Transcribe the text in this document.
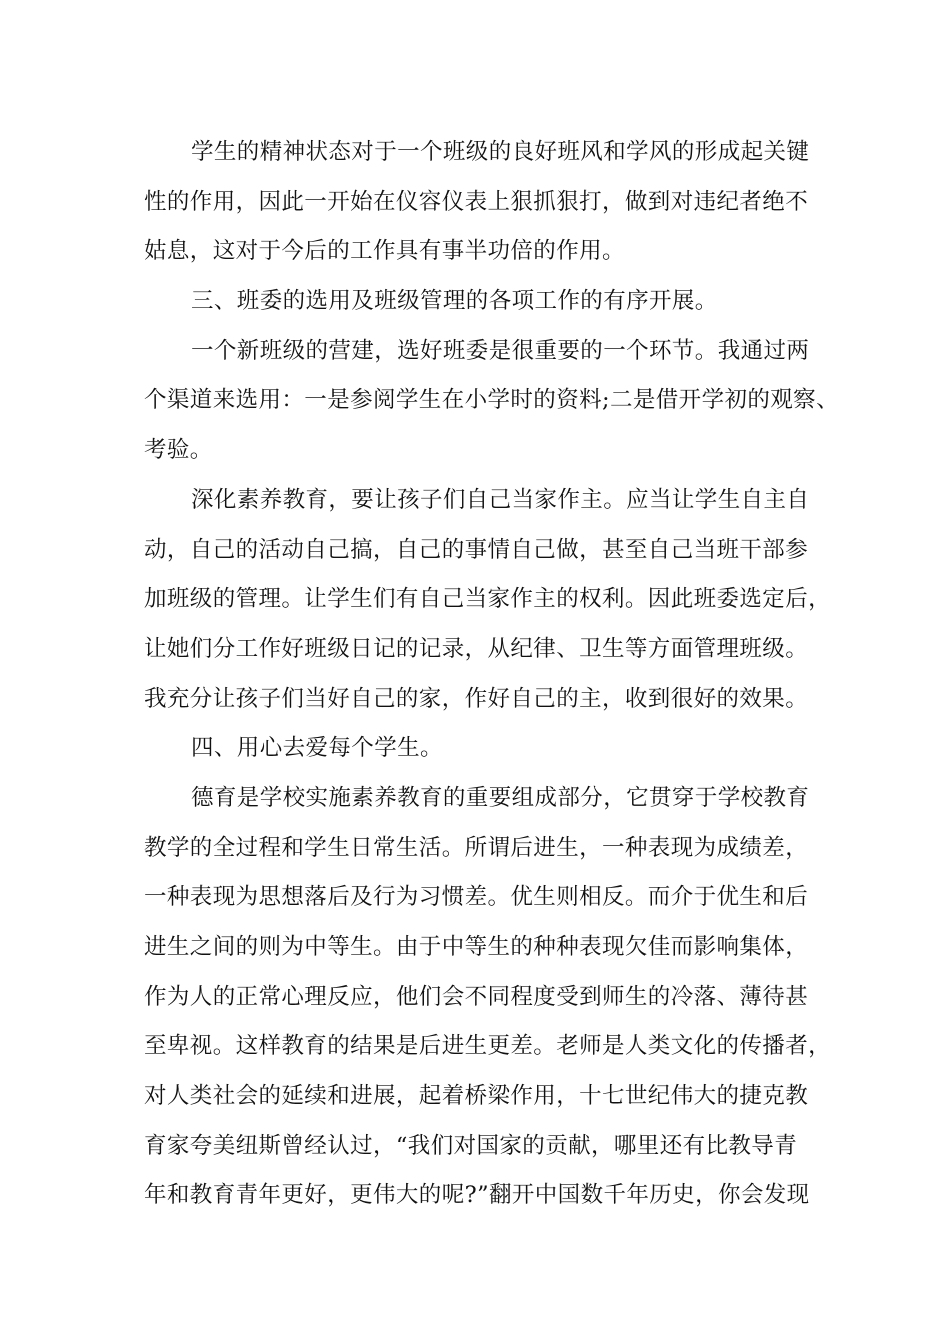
学生的精神状态对于一个班级的良好班风和学风的形成起关键
性的作用，因此一开始在仪容仪表上狠抓狠打，做到对违纪者绝不
姑息，这对于今后的工作具有事半功倍的作用。
三、班委的选用及班级管理的各项工作的有序开展。
一个新班级的营建，选好班委是很重要的一个环节。我通过两
个渠道来选用：一是参阅学生在小学时的资料;二是借开学初的观察、
考验。
深化素养教育，要让孩子们自己当家作主。应当让学生自主自
动，自己的活动自己搞，自己的事情自己做，甚至自己当班干部参
加班级的管理。让学生们有自己当家作主的权利。因此班委选定后，
让她们分工作好班级日记的记录，从纪律、卫生等方面管理班级。
我充分让孩子们当好自己的家，作好自己的主，收到很好的效果。
四、用心去爱每个学生。
德育是学校实施素养教育的重要组成部分，它贯穿于学校教育
教学的全过程和学生日常生活。所谓后进生，一种表现为成绩差，
一种表现为思想落后及行为习惯差。优生则相反。而介于优生和后
进生之间的则为中等生。由于中等生的种种表现欠佳而影响集体，
作为人的正常心理反应，他们会不同程度受到师生的冷落、薄待甚
至卑视。这样教育的结果是后进生更差。老师是人类文化的传播者，
对人类社会的延续和进展，起着桥梁作用，十七世纪伟大的捷克教
育家夸美纽斯曾经认过，“我们对国家的贡献，哪里还有比教导青
年和教育青年更好，更伟大的呢?”翻开中国数千年历史，你会发现
